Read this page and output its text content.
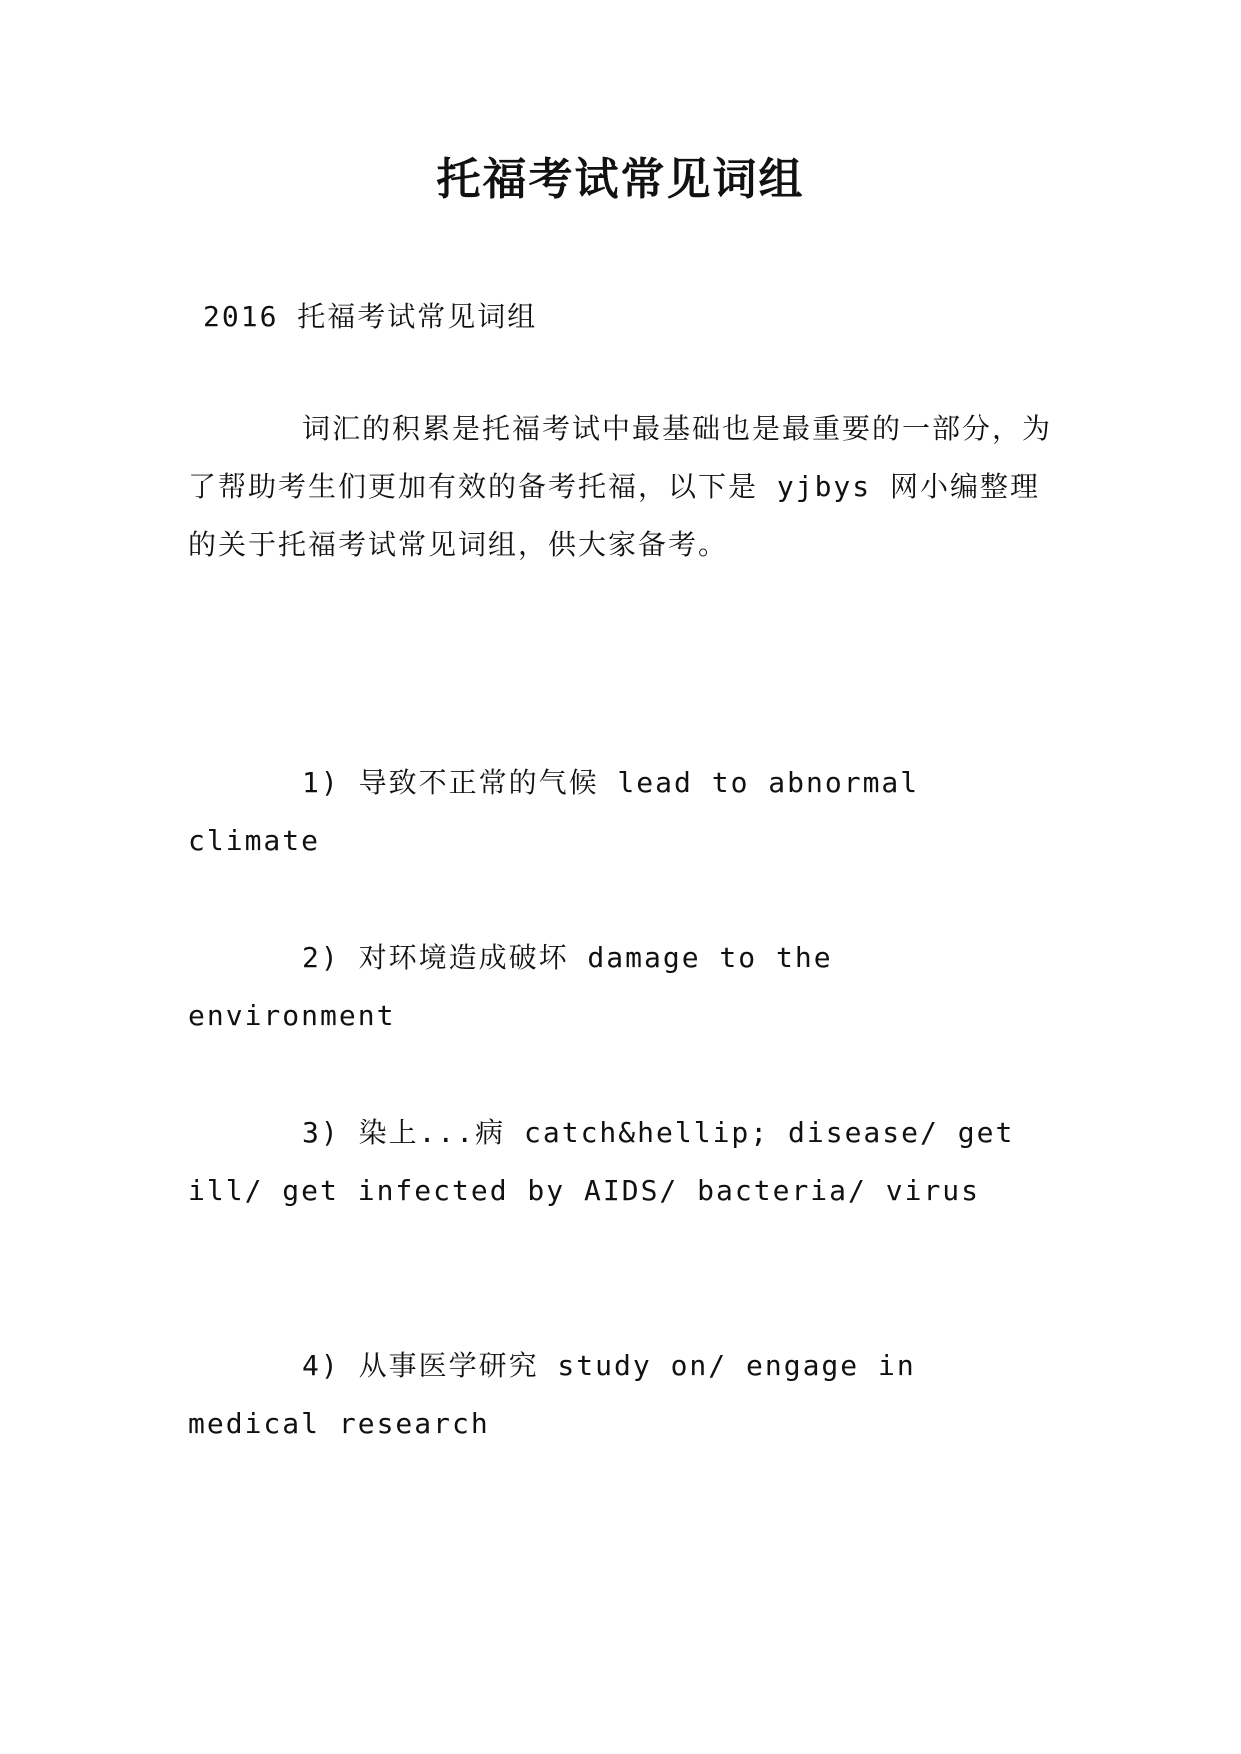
托福考试常见词组

2016 托福考试常见词组

词汇的积累是托福考试中最基础也是最重要的一部分，为了帮助考生们更加有效的备考托福，以下是 yjbys 网小编整理的关于托福考试常见词组，供大家备考。

1) 导致不正常的气候 lead to abnormal climate

2) 对环境造成破坏 damage to the environment

3) 染上...病 catch&hellip; disease/ get ill/ get infected by AIDS/ bacteria/ virus

4) 从事医学研究 study on/ engage in medical research
